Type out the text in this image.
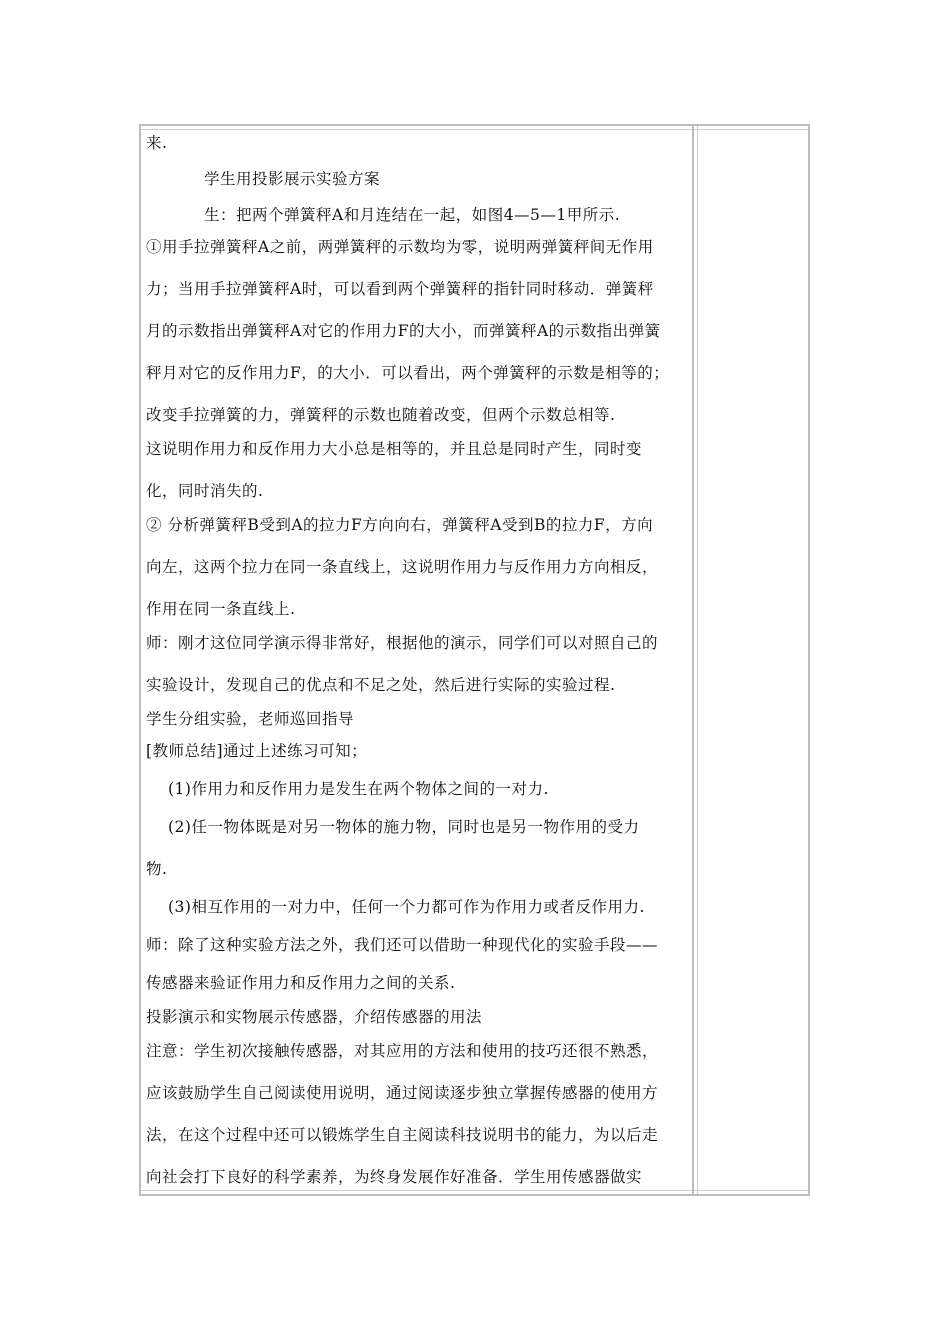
来.
学生用投影展示实验方案
生：把两个弹簧秤A和月连结在一起，如图4—5—1甲所示.
①用手拉弹簧秤A之前，两弹簧秤的示数均为零，说明两弹簧秤间无作用
力；当用手拉弹簧秤A时，可以看到两个弹簧秤的指针同时移动．弹簧秤
月的示数指出弹簧秤A对它的作用力F的大小，而弹簧秤A的示数指出弹簧
秤月对它的反作用力F，的大小．可以看出，两个弹簧秤的示数是相等的；
改变手拉弹簧的力，弹簧秤的示数也随着改变，但两个示数总相等.
这说明作用力和反作用力大小总是相等的，并且总是同时产生，同时变
化，同时消失的.
② 分析弹簧秤B受到A的拉力F方向向右，弹簧秤A受到B的拉力F，方向
向左，这两个拉力在同一条直线上，这说明作用力与反作用力方向相反，
作用在同一条直线上.
师：刚才这位同学演示得非常好，根据他的演示，同学们可以对照自己的
实验设计，发现自己的优点和不足之处，然后进行实际的实验过程.
学生分组实验，老师巡回指导
[教师总结]通过上述练习可知；
(1)作用力和反作用力是发生在两个物体之间的一对力.
(2)任一物体既是对另一物体的施力物，同时也是另一物作用的受力
物.
(3)相互作用的一对力中，任何一个力都可作为作用力或者反作用力.
师：除了这种实验方法之外，我们还可以借助一种现代化的实验手段——
传感器来验证作用力和反作用力之间的关系.
投影演示和实物展示传感器，介绍传感器的用法
注意：学生初次接触传感器，对其应用的方法和使用的技巧还很不熟悉，
应该鼓励学生自己阅读使用说明，通过阅读逐步独立掌握传感器的使用方
法，在这个过程中还可以锻炼学生自主阅读科技说明书的能力，为以后走
向社会打下良好的科学素养，为终身发展作好准备．学生用传感器做实
